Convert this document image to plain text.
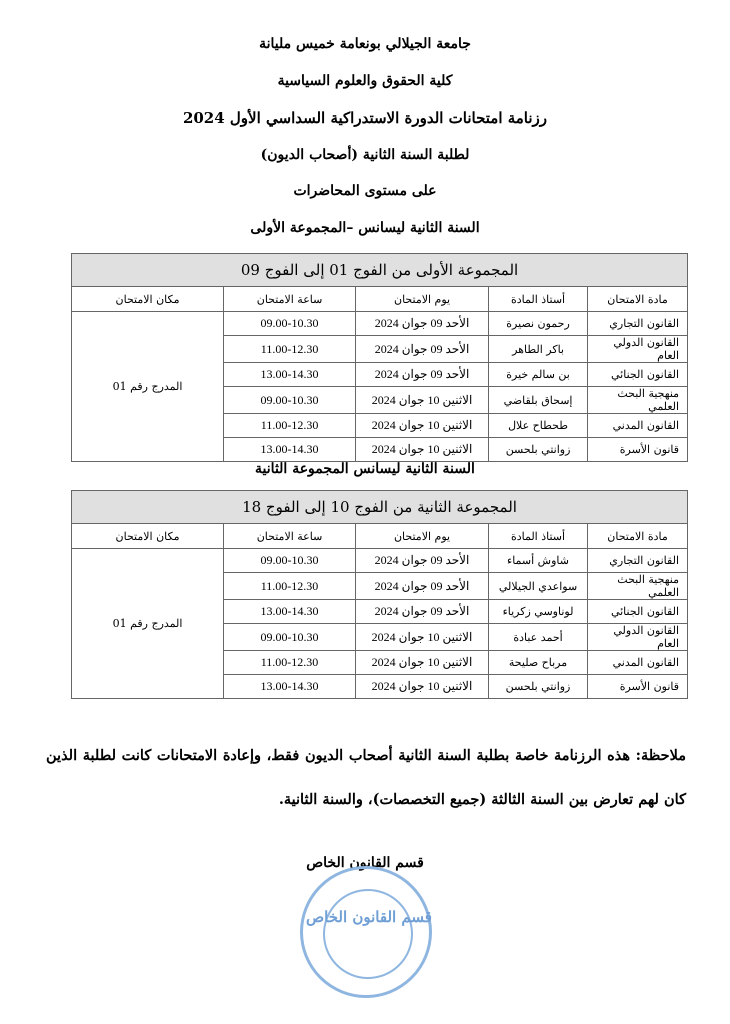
جامعة الجيلالي بونعامة خميس مليانة
كلية الحقوق والعلوم السياسية
رزنامة امتحانات الدورة الاستدراكية السداسي الأول 2024
لطلبة السنة الثانية (أصحاب الديون)
على مستوى المحاضرات
السنة الثانية ليسانس –المجموعة الأولى
المجموعة الأولى من الفوج 01 إلى الفوج 09				
مادة الامتحان	أستاذ المادة	يوم الامتحان	ساعة الامتحان	مكان الامتحان
القانون التجاري	رحمون نصيرة	الأحد 09 جوان 2024	09.00-10.30	المدرج رقم 01
القانون الدولي العام	باكر الطاهر	الأحد 09 جوان 2024	11.00-12.30	
القانون الجنائي	بن سالم خيرة	الأحد 09 جوان 2024	13.00-14.30	
منهجية البحث العلمي	إسحاق بلقاضي	الاثنين 10 جوان 2024	09.00-10.30	
القانون المدني	طحطاح علال	الاثنين 10 جوان 2024	11.00-12.30	
قانون الأسرة	زوانتي بلحسن	الاثنين 10 جوان 2024	13.00-14.30	
السنة الثانية ليسانس المجموعة الثانية
المجموعة الثانية من الفوج 10 إلى الفوج 18				
مادة الامتحان	أستاذ المادة	يوم الامتحان	ساعة الامتحان	مكان الامتحان
القانون التجاري	شاوش أسماء	الأحد 09 جوان 2024	09.00-10.30	المدرج رقم 01
منهجية البحث العلمي	سواعدي الجيلالي	الأحد 09 جوان 2024	11.00-12.30	
القانون الجنائي	لوناوسي زكرياء	الأحد 09 جوان 2024	13.00-14.30	
القانون الدولي العام	أحمد عبادة	الاثنين 10 جوان 2024	09.00-10.30	
القانون المدني	مرباح صليحة	الاثنين 10 جوان 2024	11.00-12.30	
قانون الأسرة	زوانتي بلحسن	الاثنين 10 جوان 2024	13.00-14.30	
ملاحظة: هذه الرزنامة خاصة بطلبة السنة الثانية أصحاب الديون فقط، وإعادة الامتحانات كانت لطلبة الذين كان لهم تعارض بين السنة الثالثة (جميع التخصصات)، والسنة الثانية.
قسم القانون الخاص
قسم القانون الخاص
